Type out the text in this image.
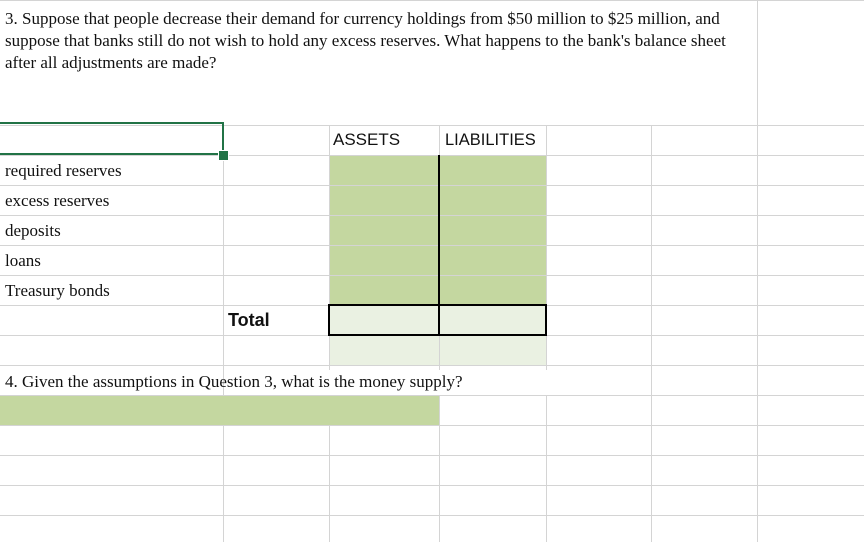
3. Suppose that people decrease their demand for currency holdings from $50 million to $25 million, and suppose that banks still do not wish to hold any excess reserves. What happens to the bank's balance sheet after all adjustments are made?
ASSETS	LIABILITIES
required reserves
excess reserves
deposits
loans
Treasury bonds
Total
4. Given the assumptions in Question 3, what is the money supply?
